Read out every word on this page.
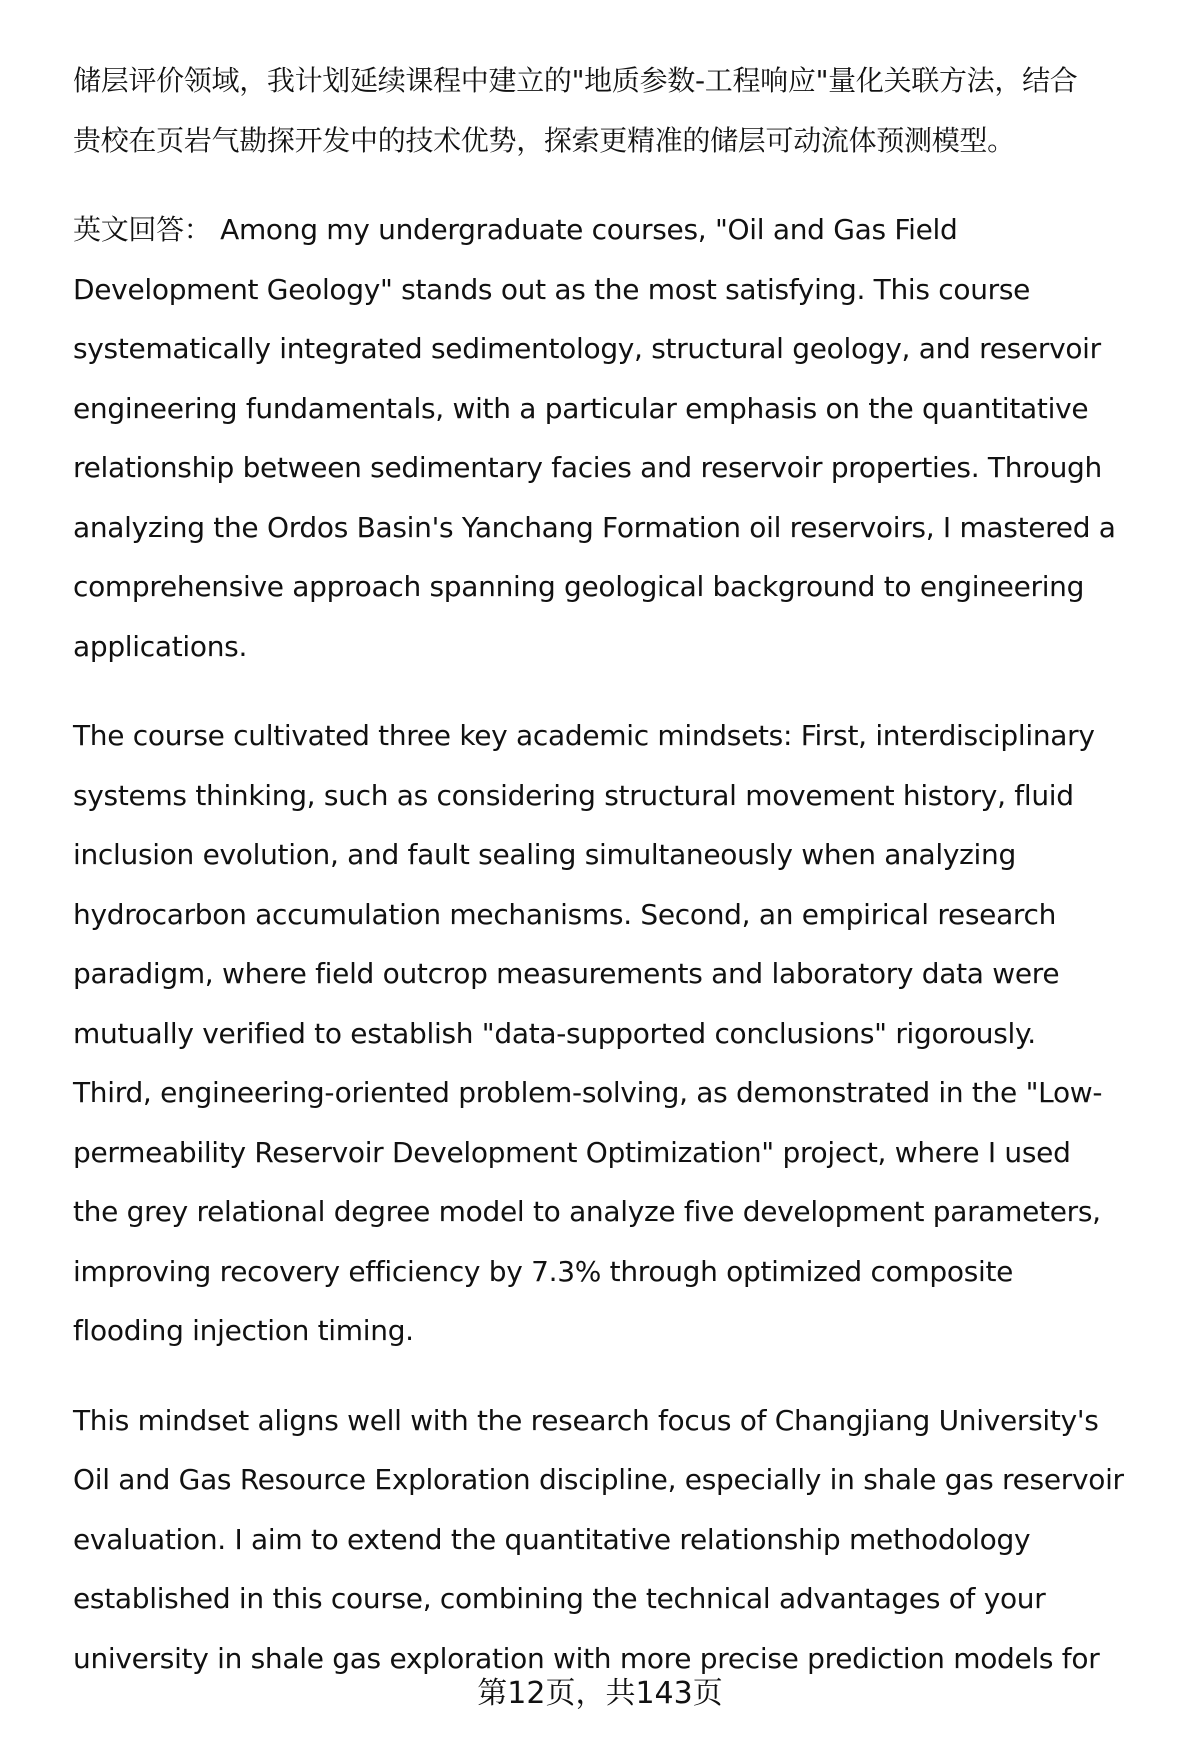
储层评价领域，我计划延续课程中建立的"地质参数-工程响应"量化关联方法，结合
贵校在页岩气勘探开发中的技术优势，探索更精准的储层可动流体预测模型。
英文回答： Among my undergraduate courses, "Oil and Gas Field
Development Geology" stands out as the most satisfying. This course
systematically integrated sedimentology, structural geology, and reservoir
engineering fundamentals, with a particular emphasis on the quantitative
relationship between sedimentary facies and reservoir properties. Through
analyzing the Ordos Basin's Yanchang Formation oil reservoirs, I mastered a
comprehensive approach spanning geological background to engineering
applications.
The course cultivated three key academic mindsets: First, interdisciplinary
systems thinking, such as considering structural movement history, fluid
inclusion evolution, and fault sealing simultaneously when analyzing
hydrocarbon accumulation mechanisms. Second, an empirical research
paradigm, where field outcrop measurements and laboratory data were
mutually verified to establish "data-supported conclusions" rigorously.
Third, engineering-oriented problem-solving, as demonstrated in the "Low-
permeability Reservoir Development Optimization" project, where I used
the grey relational degree model to analyze five development parameters,
improving recovery efficiency by 7.3% through optimized composite
flooding injection timing.
This mindset aligns well with the research focus of Changjiang University's
Oil and Gas Resource Exploration discipline, especially in shale gas reservoir
evaluation. I aim to extend the quantitative relationship methodology
established in this course, combining the technical advantages of your
university in shale gas exploration with more precise prediction models for
第12页，共143页
